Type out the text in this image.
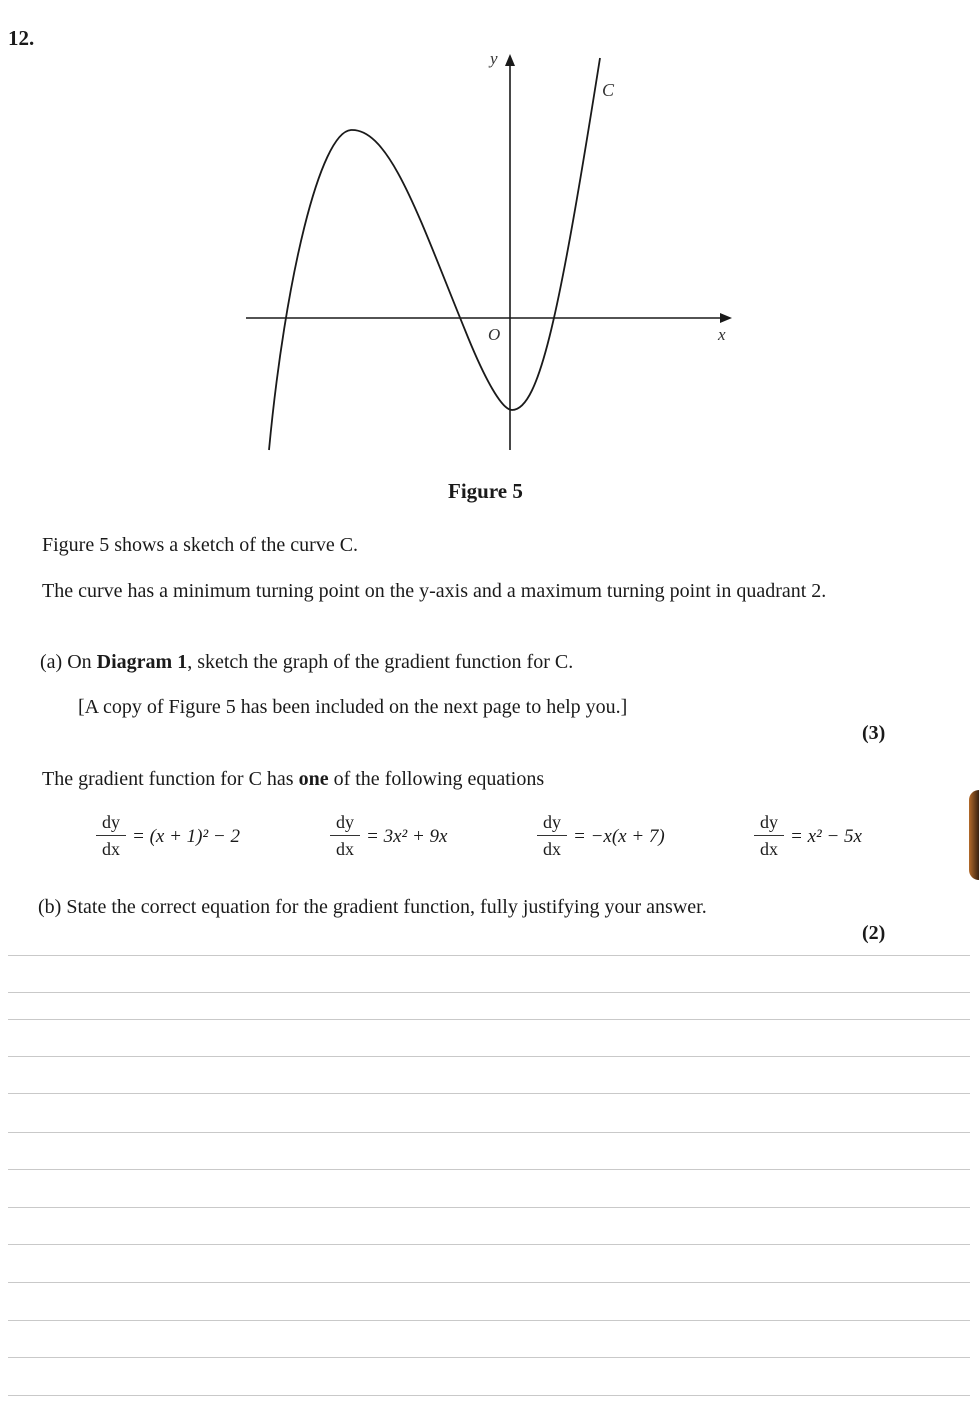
12.
y
x
O
C
Figure 5
Figure 5 shows a sketch of the curve C.
The curve has a minimum turning point on the y-axis and a maximum turning point in quadrant 2.
(a) On Diagram 1, sketch the graph of the gradient function for C.
[A copy of Figure 5 has been included on the next page to help you.]
(3)
The gradient function for C has one of the following equations
$\frac{dy}{dx} = (x + 1)^2 - 2$	$\frac{dy}{dx} = 3x^2 + 9x$	$\frac{dy}{dx} = -x(x + 7)$	$\frac{dy}{dx} = x^2 - 5x$
(b) State the correct equation for the gradient function, fully justifying your answer.
(2)
